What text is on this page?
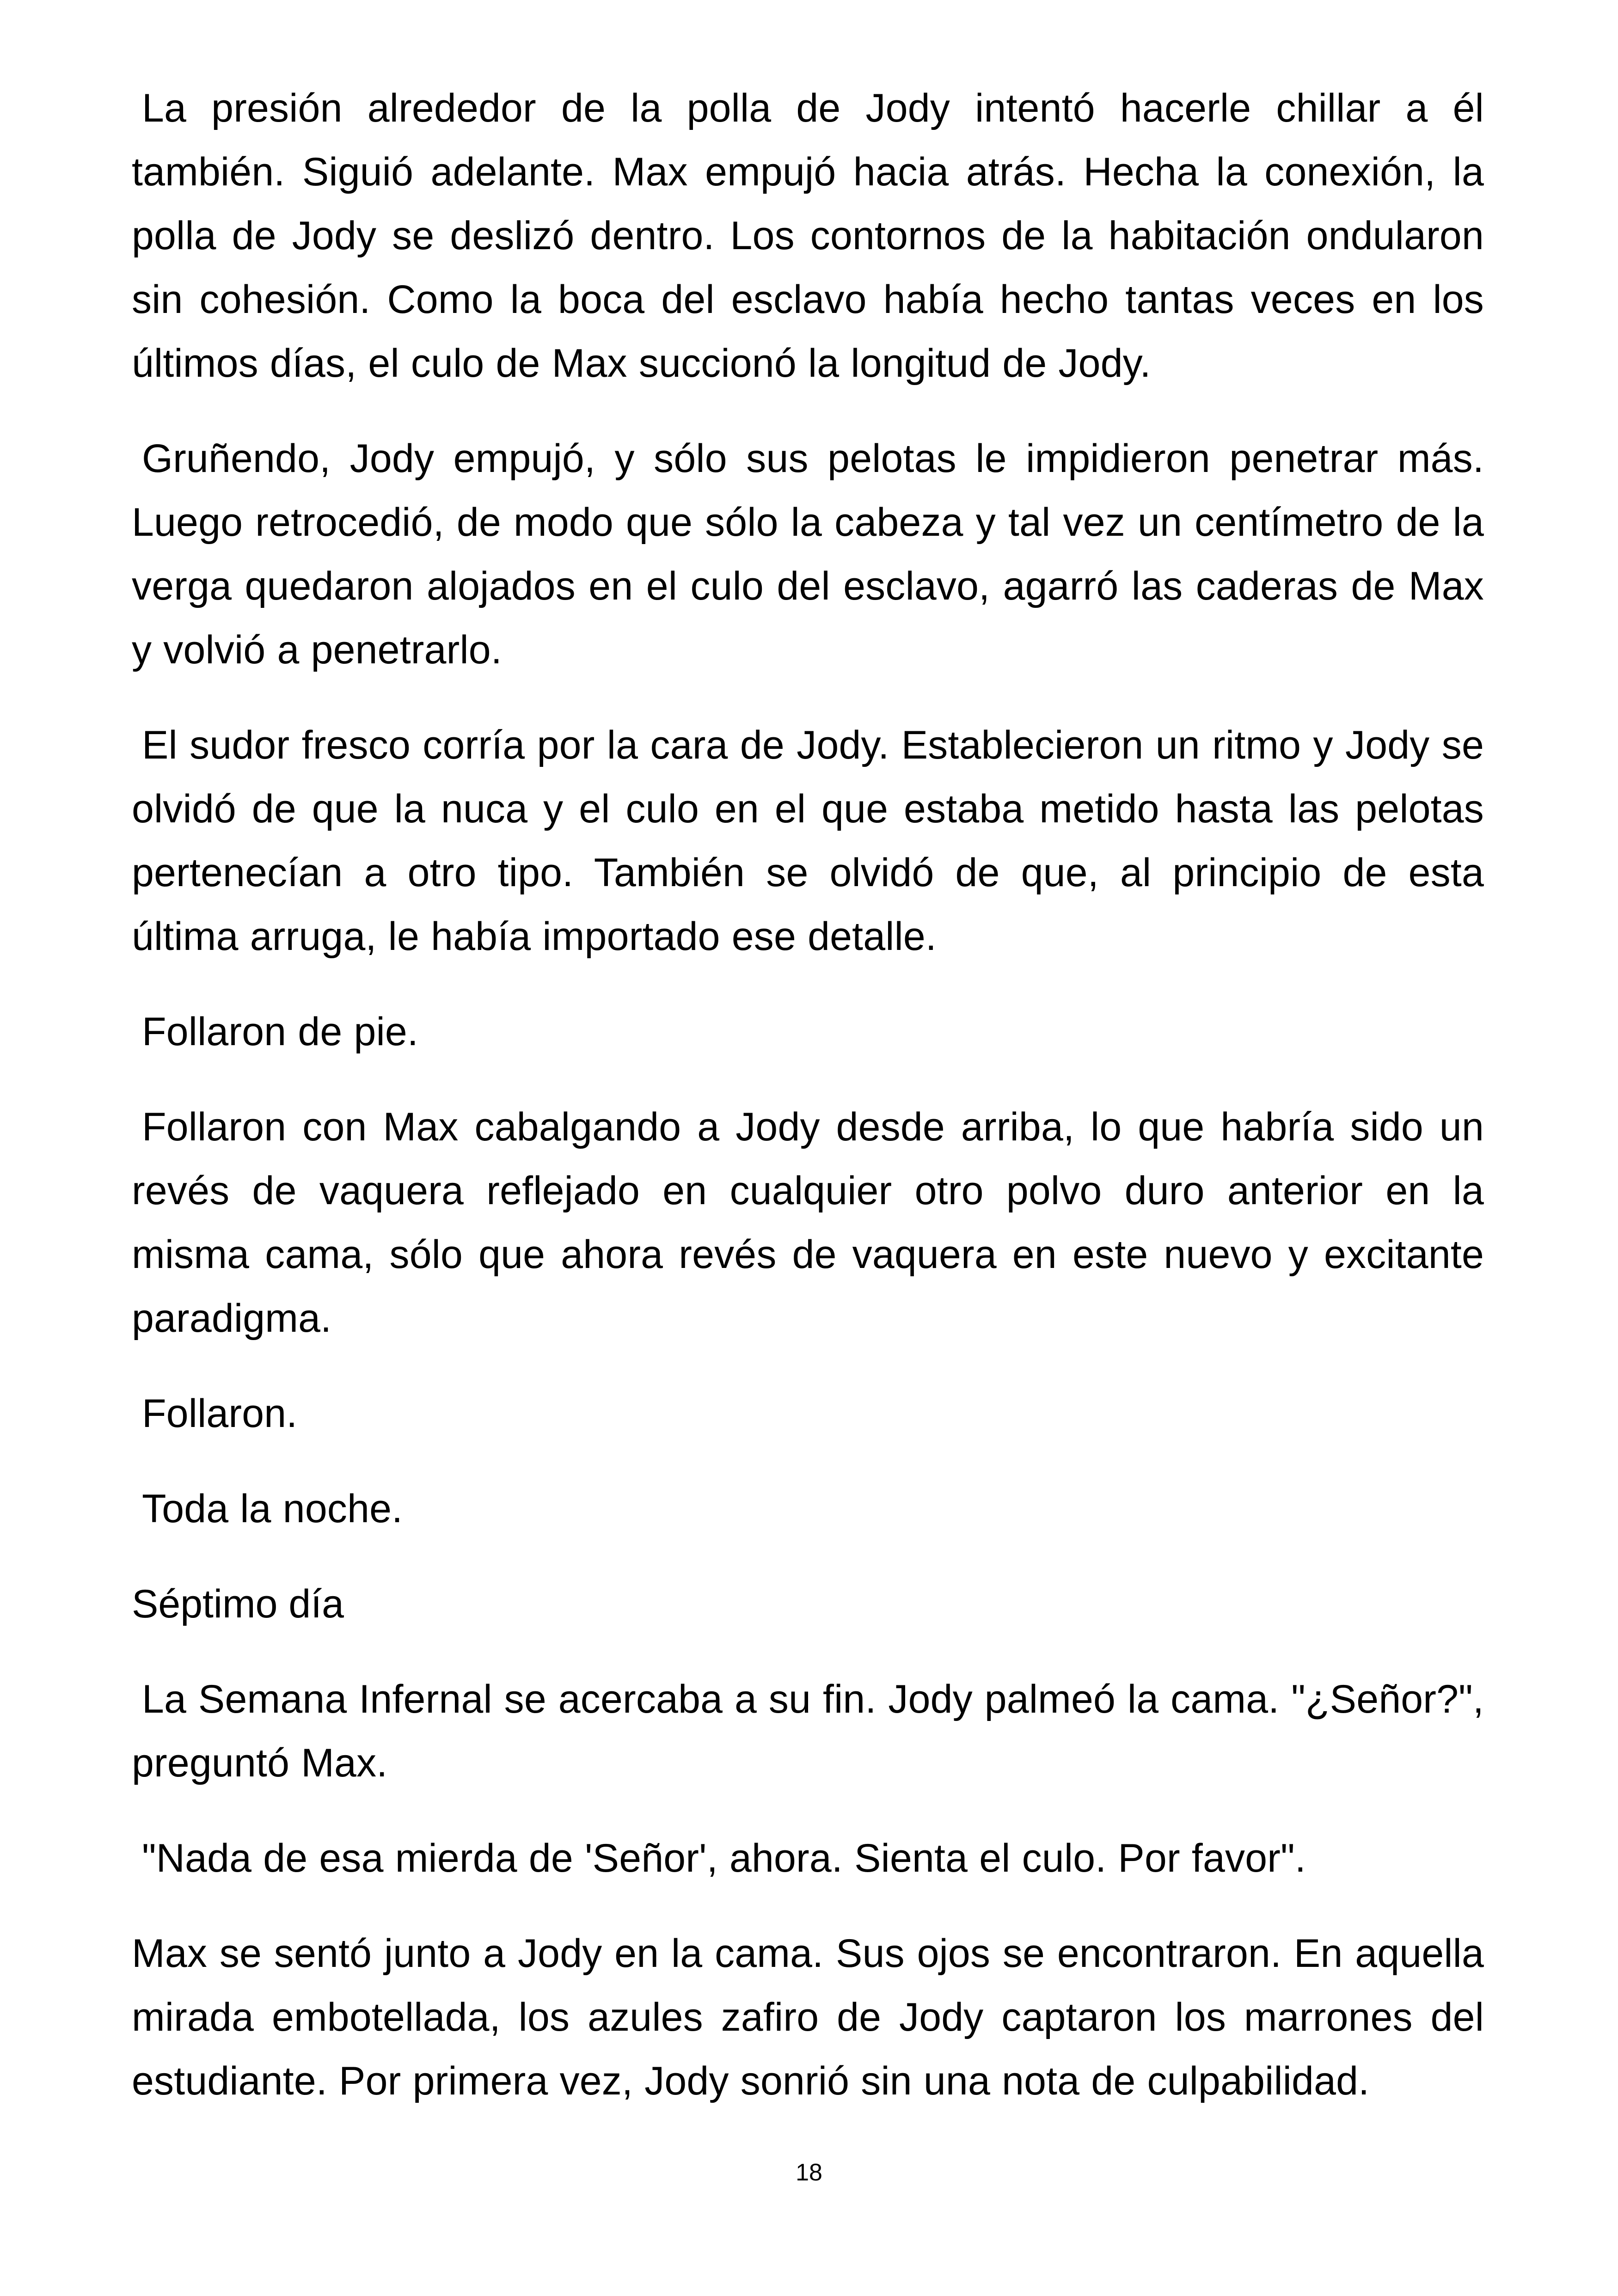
La presión alrededor de la polla de Jody intentó hacerle chillar a él también. Siguió adelante. Max empujó hacia atrás. Hecha la conexión, la polla de Jody se deslizó dentro. Los contornos de la habitación ondularon sin cohesión. Como la boca del esclavo había hecho tantas veces en los últimos días, el culo de Max succionó la longitud de Jody.

Gruñendo, Jody empujó, y sólo sus pelotas le impidieron penetrar más. Luego retrocedió, de modo que sólo la cabeza y tal vez un centímetro de la verga quedaron alojados en el culo del esclavo, agarró las caderas de Max y volvió a penetrarlo.

El sudor fresco corría por la cara de Jody. Establecieron un ritmo y Jody se olvidó de que la nuca y el culo en el que estaba metido hasta las pelotas pertenecían a otro tipo. También se olvidó de que, al principio de esta última arruga, le había importado ese detalle.

Follaron de pie.

Follaron con Max cabalgando a Jody desde arriba, lo que habría sido un revés de vaquera reflejado en cualquier otro polvo duro anterior en la misma cama, sólo que ahora revés de vaquera en este nuevo y excitante paradigma.

Follaron.

Toda la noche.

Séptimo día

La Semana Infernal se acercaba a su fin. Jody palmeó la cama. "¿Señor?", preguntó Max.

"Nada de esa mierda de 'Señor', ahora. Sienta el culo. Por favor".

Max se sentó junto a Jody en la cama. Sus ojos se encontraron. En aquella mirada embotellada, los azules zafiro de Jody captaron los marrones del estudiante. Por primera vez, Jody sonrió sin una nota de culpabilidad.

18
